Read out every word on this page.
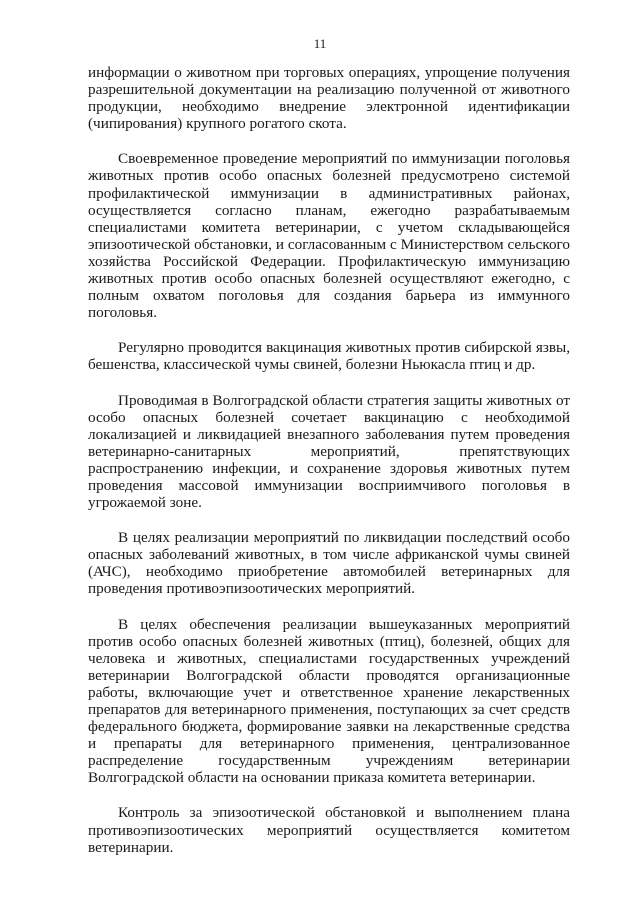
11

информации о животном при торговых операциях, упрощение получения разрешительной документации на реализацию полученной от животного продукции, необходимо внедрение электронной идентификации (чипирования) крупного рогатого скота.

Своевременное проведение мероприятий по иммунизации поголовья животных против особо опасных болезней предусмотрено системой профилактической иммунизации в административных районах, осуществляется согласно планам, ежегодно разрабатываемым специалистами комитета ветеринарии, с учетом складывающейся эпизоотической обстановки, и согласованным с Министерством сельского хозяйства Российской Федерации. Профилактическую иммунизацию животных против особо опасных болезней осуществляют ежегодно, с полным охватом поголовья для создания барьера из иммунного поголовья.

Регулярно проводится вакцинация животных против сибирской язвы, бешенства, классической чумы свиней, болезни Ньюкасла птиц и др.

Проводимая в Волгоградской области стратегия защиты животных от особо опасных болезней сочетает вакцинацию с необходимой локализацией и ликвидацией внезапного заболевания путем проведения ветеринарно-санитарных мероприятий, препятствующих распространению инфекции, и сохранение здоровья животных путем проведения массовой иммунизации восприимчивого поголовья в угрожаемой зоне.

В целях реализации мероприятий по ликвидации последствий особо опасных заболеваний животных, в том числе африканской чумы свиней (АЧС), необходимо приобретение автомобилей ветеринарных для проведения противоэпизоотических мероприятий.

В целях обеспечения реализации вышеуказанных мероприятий против особо опасных болезней животных (птиц), болезней, общих для человека и животных, специалистами государственных учреждений ветеринарии Волгоградской области проводятся организационные работы, включающие учет и ответственное хранение лекарственных препаратов для ветеринарного применения, поступающих за счет средств федерального бюджета, формирование заявки на лекарственные средства и препараты для ветеринарного применения, централизованное распределение государственным учреждениям ветеринарии Волгоградской области на основании приказа комитета ветеринарии.

Контроль за эпизоотической обстановкой и выполнением плана противоэпизоотических мероприятий осуществляется комитетом ветеринарии.
